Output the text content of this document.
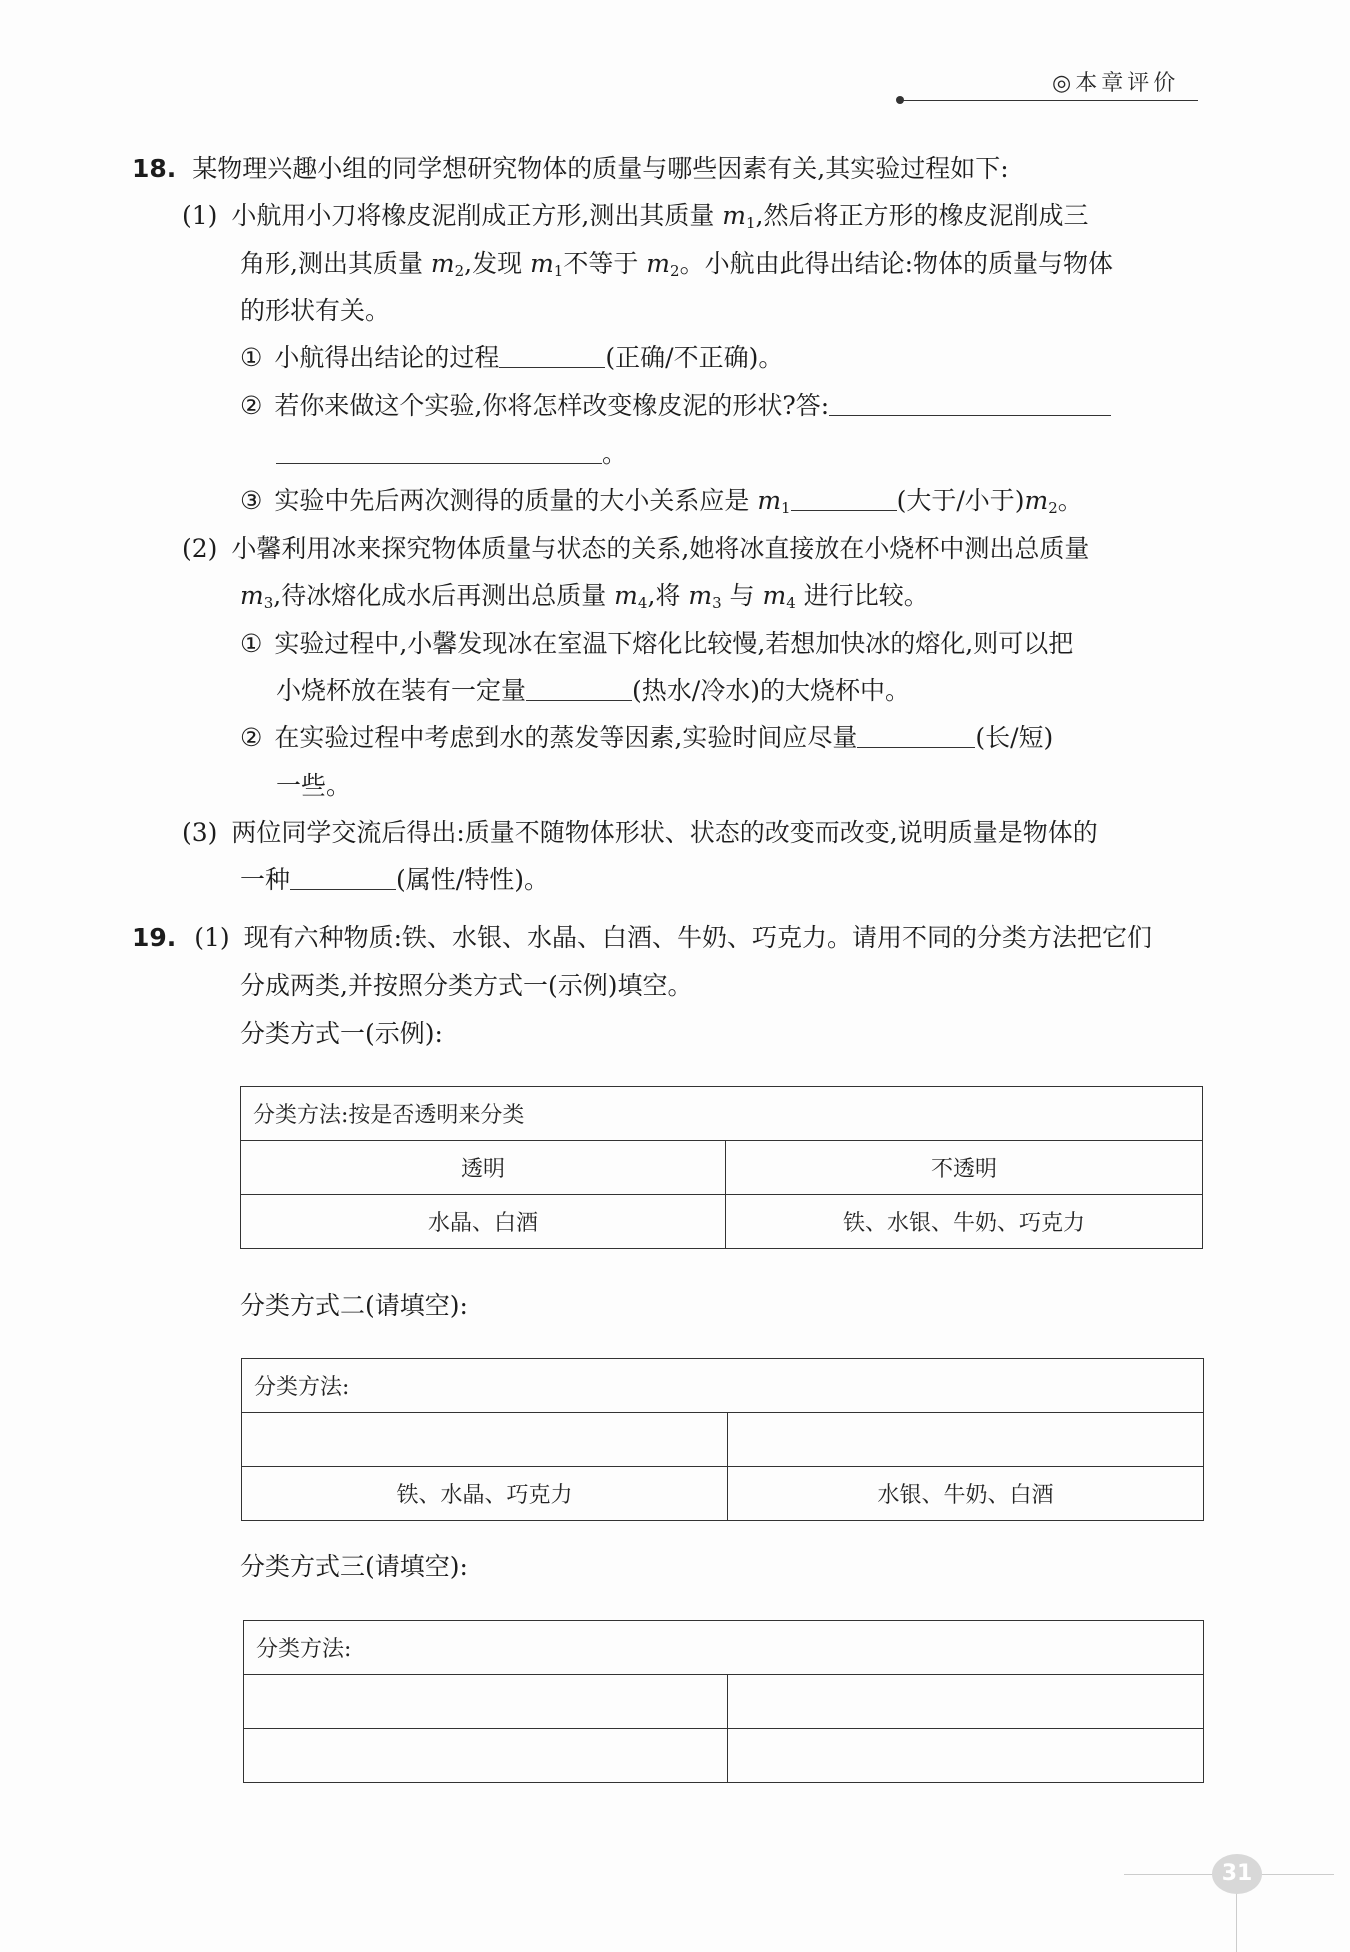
◎本章评价
18. 某物理兴趣小组的同学想研究物体的质量与哪些因素有关,其实验过程如下:
(1) 小航用小刀将橡皮泥削成正方形,测出其质量 $m_1$,然后将正方形的橡皮泥削成三
角形,测出其质量 $m_2$,发现 $m_1$不等于 $m_2$。小航由此得出结论:物体的质量与物体
的形状有关。
① 小航得出结论的过程	(正确/不正确)。
② 若你来做这个实验,你将怎样改变橡皮泥的形状?答:
。
③ 实验中先后两次测得的质量的大小关系应是 $m_1$	(大于/小于)$m_2$。
(2) 小馨利用冰来探究物体质量与状态的关系,她将冰直接放在小烧杯中测出总质量
$m_3$,待冰熔化成水后再测出总质量 $m_4$,将 $m_3$ 与 $m_4$ 进行比较。
① 实验过程中,小馨发现冰在室温下熔化比较慢,若想加快冰的熔化,则可以把
小烧杯放在装有一定量	(热水/冷水)的大烧杯中。
② 在实验过程中考虑到水的蒸发等因素,实验时间应尽量	(长/短)
一些。
(3) 两位同学交流后得出:质量不随物体形状、状态的改变而改变,说明质量是物体的
一种	(属性/特性)。
19. (1) 现有六种物质:铁、水银、水晶、白酒、牛奶、巧克力。请用不同的分类方法把它们
分成两类,并按照分类方式一(示例)填空。
分类方式一(示例):
分类方法:按是否透明来分类	
透明	不透明
水晶、白酒	铁、水银、牛奶、巧克力
分类方式二(请填空):
分类方法:	

铁、水晶、巧克力	水银、牛奶、白酒
分类方式三(请填空):
分类方法:	

31
